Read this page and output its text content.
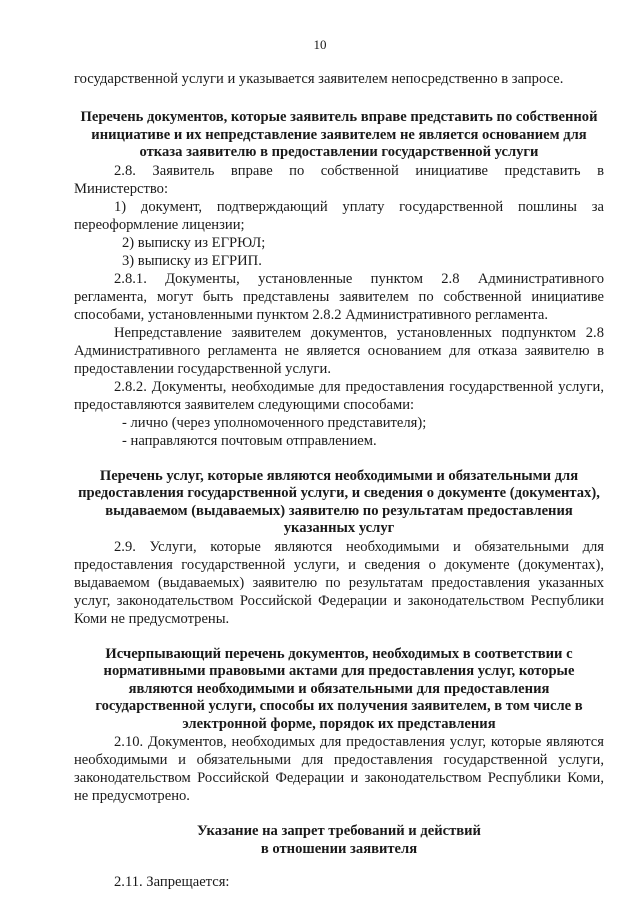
10

государственной услуги и указывается заявителем непосредственно в запросе.

Перечень документов, которые заявитель вправе представить по собственной инициативе и их непредставление заявителем не является основанием для отказа заявителю в предоставлении государственной услуги

2.8. Заявитель вправе по собственной инициативе представить в Министерство:

1) документ, подтверждающий уплату государственной пошлины за переоформление лицензии;

2) выписку из ЕГРЮЛ;

3) выписку из ЕГРИП.

2.8.1. Документы, установленные пунктом 2.8 Административного регламента, могут быть представлены заявителем по собственной инициативе способами, установленными пунктом 2.8.2 Административного регламента.

Непредставление заявителем документов, установленных подпунктом 2.8 Административного регламента не является основанием для отказа заявителю в предоставлении государственной услуги.

2.8.2. Документы, необходимые для предоставления государственной услуги, предоставляются заявителем следующими способами:

- лично (через уполномоченного представителя);

- направляются почтовым отправлением.

Перечень услуг, которые являются необходимыми и обязательными для предоставления государственной услуги, и сведения о документе (документах), выдаваемом (выдаваемых) заявителю по результатам предоставления указанных услуг

2.9. Услуги, которые являются необходимыми и обязательными для предоставления государственной услуги, и сведения о документе (документах), выдаваемом (выдаваемых) заявителю по результатам предоставления указанных услуг, законодательством Российской Федерации и законодательством Республики Коми не предусмотрены.

Исчерпывающий перечень документов, необходимых в соответствии с нормативными правовыми актами для предоставления услуг, которые являются необходимыми и обязательными для предоставления государственной услуги, способы их получения заявителем, в том числе в электронной форме, порядок их представления

2.10. Документов, необходимых для предоставления услуг, которые являются необходимыми и обязательными для предоставления государственной услуги, законодательством Российской Федерации и законодательством Республики Коми, не предусмотрено.

Указание на запрет требований и действий

в отношении заявителя

2.11. Запрещается:
